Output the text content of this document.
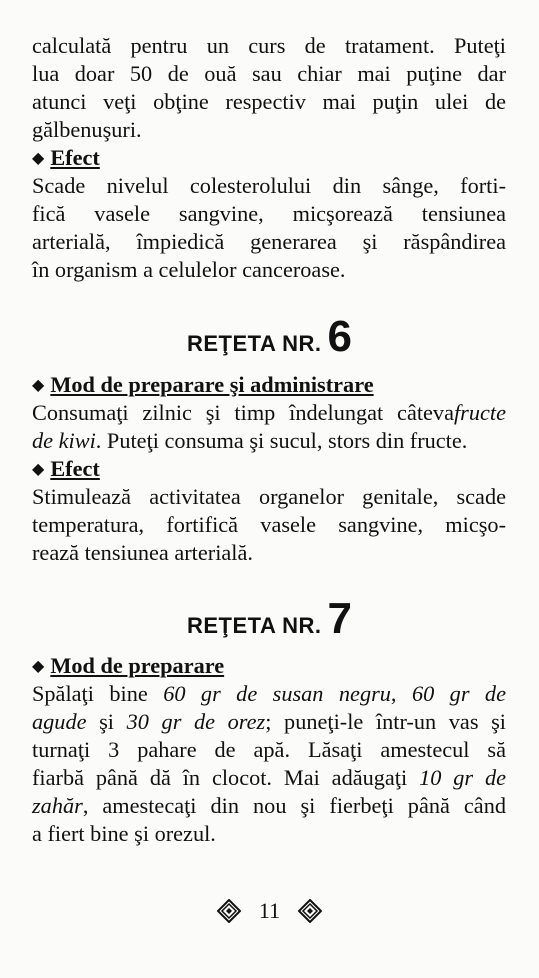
calculată pentru un curs de tratament. Puteţi
lua doar 50 de ouă sau chiar mai puţine dar
atunci veţi obţine respectiv mai puţin ulei de
gălbenuşuri.

◆ Efect

Scade nivelul colesterolului din sânge, forti-
fică vasele sangvine, micşorează tensiunea
arterială, împiedică generarea şi răspândirea
în organism a celulelor canceroase.

REŢETA NR. 6
◆ Mod de preparare şi administrare

Consumaţi zilnic şi timp îndelungat câtevafructe
de kiwi. Puteţi consuma şi sucul, stors din fructe.

◆ Efect

Stimulează activitatea organelor genitale, scade
temperatura, fortifică vasele sangvine, micşo-
rează tensiunea arterială.

REŢETA NR. 7
◆ Mod de preparare

Spălaţi bine 60 gr de susan negru, 60 gr de
agude şi 30 gr de orez; puneţi-le într-un vas şi
turnaţi 3 pahare de apă. Lăsaţi amestecul să
fiarbă până dă în clocot. Mai adăugaţi 10 gr de
zahăr, amestecaţi din nou şi fierbeţi până când
a fiert bine şi orezul.

11
